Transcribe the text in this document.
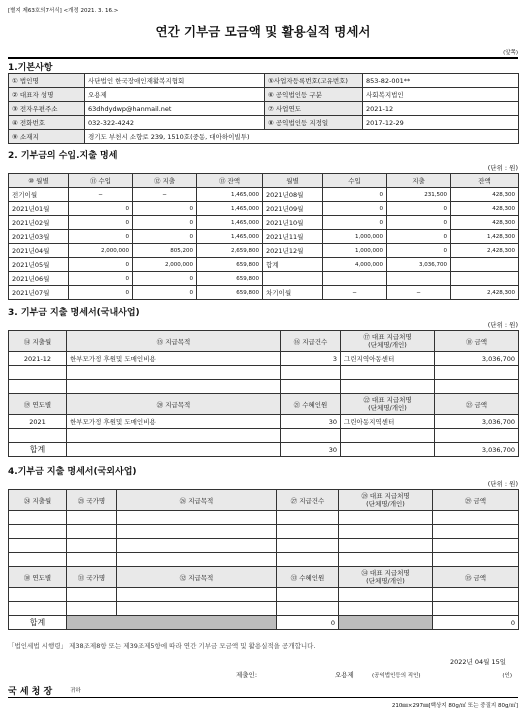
[별지 제63호의7서식] <개정 2021. 3. 16.>
연간 기부금 모금액 및 활용실적 명세서
(앞쪽)
1.기본사항
① 법인명	사단법인 한국장애인재활복지협회	⑤사업자등록번호(고유번호)	853-82-001**
② 대표자 성명	오용제	⑥ 공익법인등 구분	사회복지법인
③ 전자우편주소	63dhdydwp@hanmail.net	⑦ 사업연도	2021-12
④ 전화번호	032-322-4242	⑧ 공익법인등 지정일	2017-12-29
⑨ 소재지	경기도 부천시 소향로 239, 1510호(중동, 대아하이빌투)		
2. 기부금의 수입.지출 명세
(단위 : 원)
⑩ 월별	⑪ 수입	⑫ 지출	⑬ 잔액	월별	수입	지출	잔액
전기이월	−	−	1,465,000	2021년08월	0	231,500	428,300
2021년01월	0	0	1,465,000	2021년09월	0	0	428,300
2021년02월	0	0	1,465,000	2021년10월	0	0	428,300
2021년03월	0	0	1,465,000	2021년11월	1,000,000	0	1,428,300
2021년04월	2,000,000	805,200	2,659,800	2021년12월	1,000,000	0	2,428,300
2021년05월	0	2,000,000	659,800	합계	4,000,000	3,036,700	
2021년06월	0	0	659,800				
2021년07월	0	0	659,800	차기이월	−	−	2,428,300
3. 기부금 지출 명세서(국내사업)
(단위 : 원)
⑭ 지출월	⑮ 지급목적	⑯ 지급건수	⑰ 대표 지급처명
(단체명/개인)	⑱ 금액
2021-12	한부모가정 후원및 도매인비용	3	그린지역아동센터	3,036,700

⑲ 연도별	⑳ 지급목적	㉑ 수혜인원	㉒ 대표 지급처명
(단체명/개인)	㉓ 금액
2021	한부모가정 후원및 도매인비용	30	그린아동지역센터	3,036,700

합계		30		3,036,700
4.기부금 지출 명세서(국외사업)
(단위 : 원)
㉔ 지출월	㉕ 국가명	㉖ 지급목적	㉗ 지급건수	㉘ 대표 지급처명
(단체명/개인)	㉙ 금액

㉚ 연도별	㉛ 국가명	㉜ 지급목적	㉝ 수혜인원	㉞ 대표 지급처명
(단체명/개인)	㉟ 금액

합계			0		0
「법인세법 시행령」 제38조제8항 또는 제39조제5항에 따라 연간 기부금 모금액 및 활용실적을 공개합니다.
2022년 04월 15일
제출인:	오용제	(공익법인등의 직인)	(인)
국 세 청 장	귀하
210㎜×297㎜[백상지 80g/㎡ 또는 중질지 80g/㎡]
